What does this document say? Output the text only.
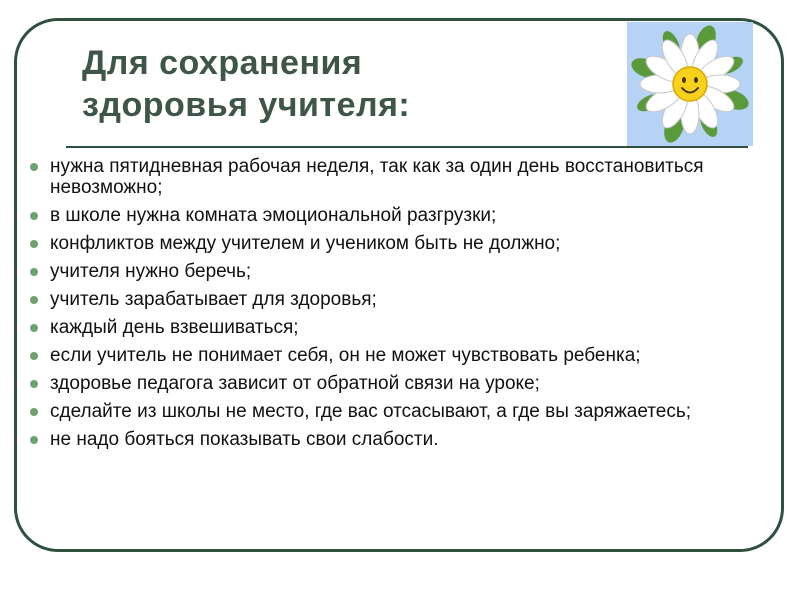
Для сохранения
здоровья учителя:
нужна пятидневная рабочая неделя, так как за один день восстановиться невозможно;
в школе нужна комната эмоциональной разгрузки;
конфликтов между учителем и учеником быть не должно;
учителя нужно беречь;
учитель зарабатывает для здоровья;
каждый день взвешиваться;
если учитель не понимает себя, он не может чувствовать ребенка;
здоровье педагога зависит от обратной связи на уроке;
сделайте из школы не место, где вас отсасывают, а где вы заряжаетесь;
не надо бояться показывать свои слабости.
